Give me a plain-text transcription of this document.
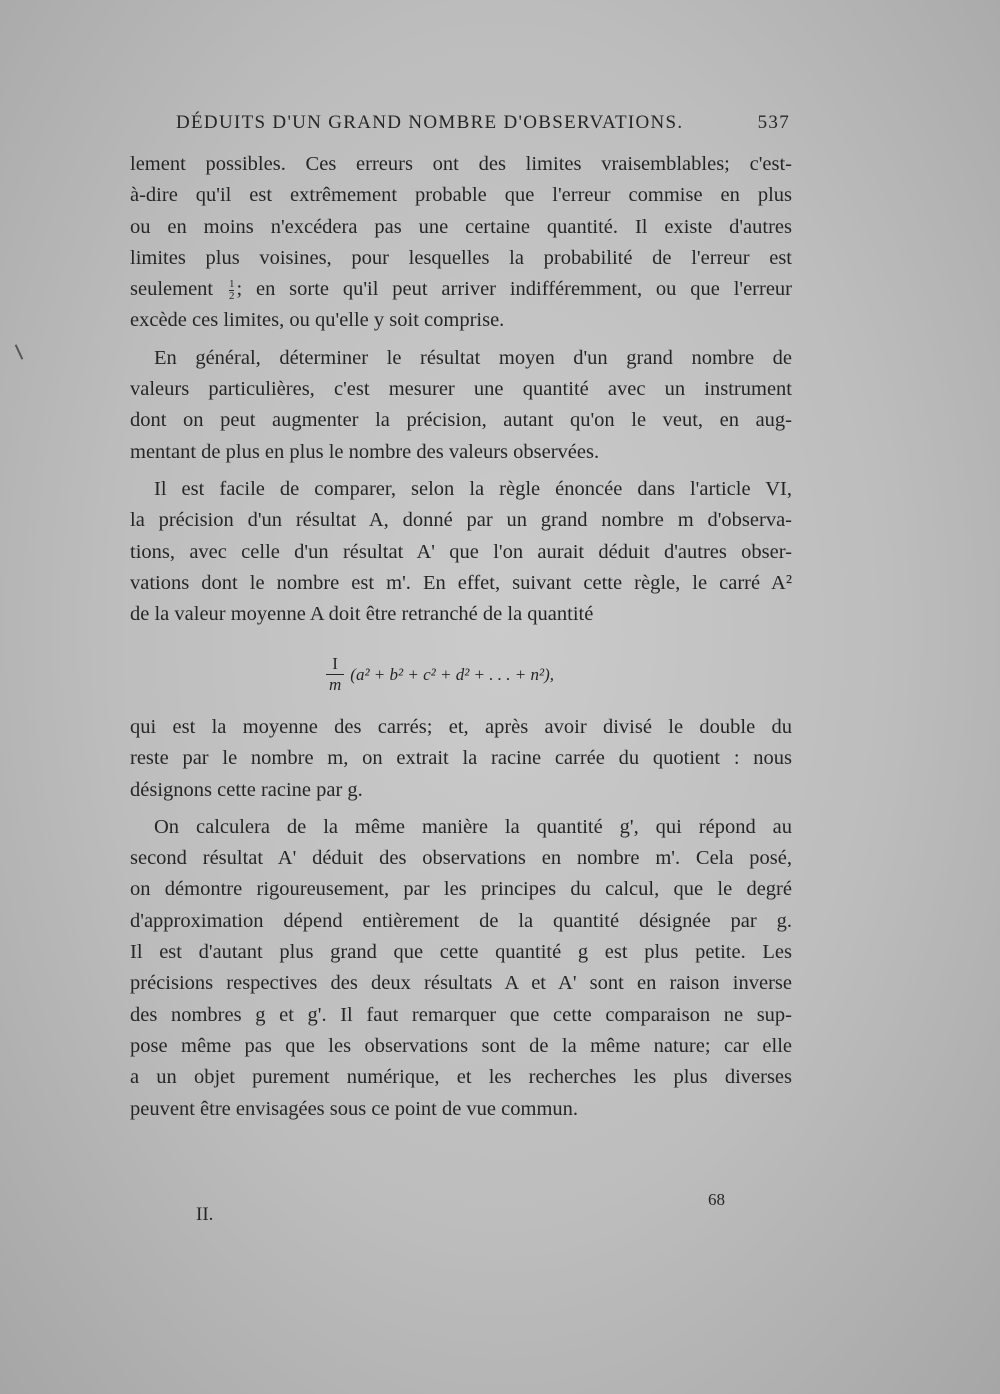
DÉDUITS D'UN GRAND NOMBRE D'OBSERVATIONS.	537

lement possibles. Ces erreurs ont des limites vraisemblables; c'est-

à-dire qu'il est extrêmement probable que l'erreur commise en plus

ou en moins n'excédera pas une certaine quantité. Il existe d'autres

limites plus voisines, pour lesquelles la probabilité de l'erreur est

seulement $\frac{1}{2}$ ; en sorte qu'il peut arriver indifféremment, ou que l'erreur

excède ces limites, ou qu'elle y soit comprise.

En général, déterminer le résultat moyen d'un grand nombre de

valeurs particulières, c'est mesurer une quantité avec un instrument

dont on peut augmenter la précision, autant qu'on le veut, en aug-

mentant de plus en plus le nombre des valeurs observées.

Il est facile de comparer, selon la règle énoncée dans l'article VI,

la précision d'un résultat A, donné par un grand nombre m d'observa-

tions, avec celle d'un résultat A' que l'on aurait déduit d'autres obser-

vations dont le nombre est m'. En effet, suivant cette règle, le carré A²

de la valeur moyenne A doit être retranché de la quantité

$\frac{I}{m} (a^2 + b^2 + c^2 + d^2$ + . . . + n²),

qui est la moyenne des carrés; et, après avoir divisé le double du

reste par le nombre m, on extrait la racine carrée du quotient : nous

désignons cette racine par g.

On calculera de la même manière la quantité g', qui répond au

second résultat A' déduit des observations en nombre m'. Cela posé,

on démontre rigoureusement, par les principes du calcul, que le degré

d'approximation dépend entièrement de la quantité désignée par g.

Il est d'autant plus grand que cette quantité g est plus petite. Les

précisions respectives des deux résultats A et A' sont en raison inverse

des nombres g et g'. Il faut remarquer que cette comparaison ne sup-

pose même pas que les observations sont de la même nature; car elle

a un objet purement numérique, et les recherches les plus diverses

peuvent être envisagées sous ce point de vue commun.

II.
68
